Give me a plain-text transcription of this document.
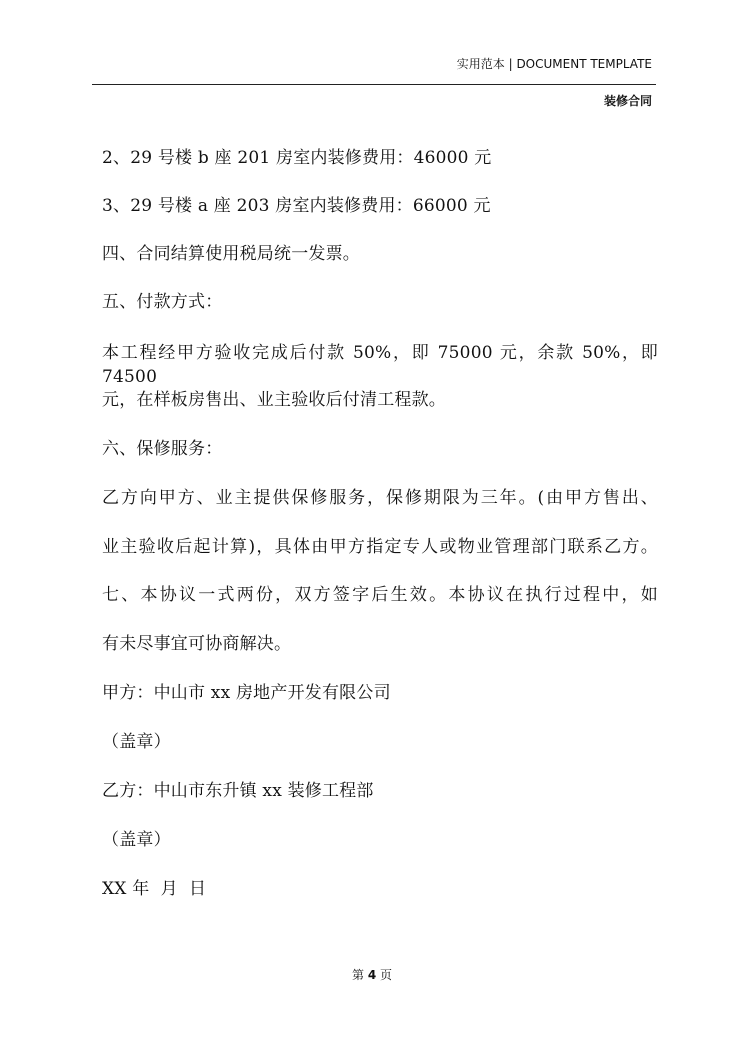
实用范本 | DOCUMENT TEMPLATE
装修合同
2、29 号楼 b 座 201 房室内装修费用：46000 元
3、29 号楼 a 座 203 房室内装修费用：66000 元
四、合同结算使用税局统一发票。
五、付款方式：
本工程经甲方验收完成后付款 50%，即 75000 元，余款 50%，即 74500
元，在样板房售出、业主验收后付清工程款。
六、保修服务：
乙方向甲方、业主提供保修服务，保修期限为三年。(由甲方售出、
业主验收后起计算)，具体由甲方指定专人或物业管理部门联系乙方。
七、本协议一式两份，双方签字后生效。本协议在执行过程中，如
有未尽事宜可协商解决。
甲方：中山市 xx 房地产开发有限公司
（盖章）
乙方：中山市东升镇 xx 装修工程部
（盖章）
XX 年  月  日
第 4 页
